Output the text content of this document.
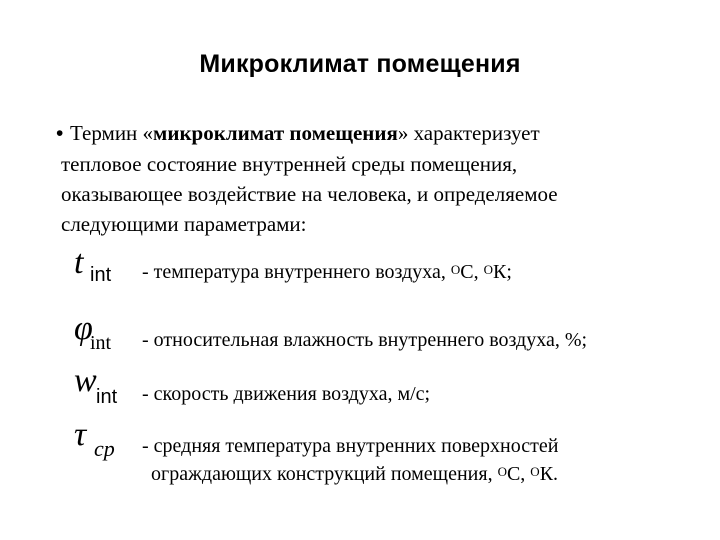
Микроклимат помещения
• Термин «микроклимат помещения» характеризует
тепловое состояние внутренней среды помещения,
оказывающее воздействие на человека, и определяемое
следующими параметрами:
t int - температура внутреннего воздуха, $^О$С, $^О$К;
φ
int - относительная влажность внутреннего воздуха, %;
w int - скорость движения воздуха, м/с;
τ cp - средняя температура внутренних поверхностей
ограждающих конструкций помещения, $^О$С, $^О$К.
